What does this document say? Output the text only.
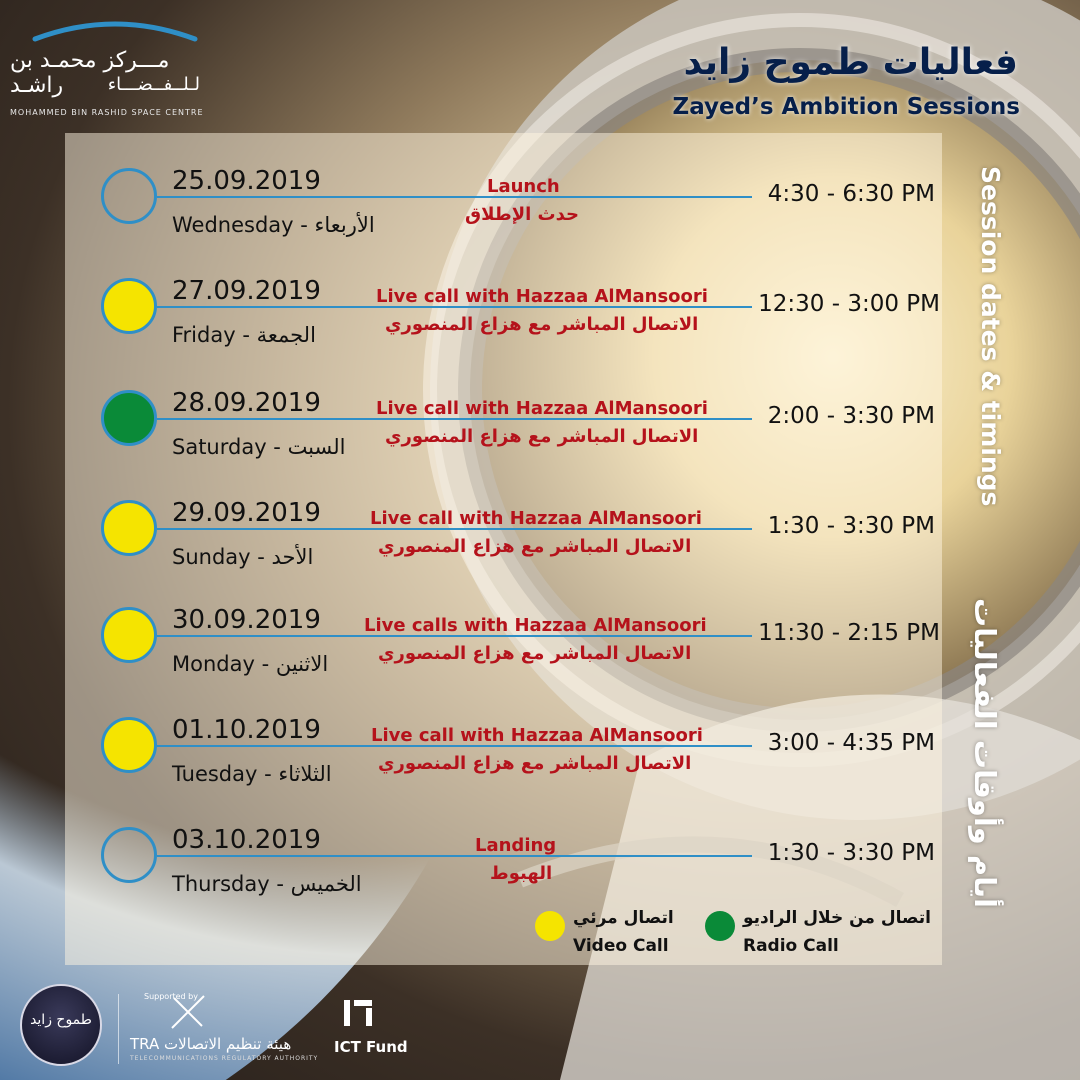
مـــركز محمـد بن راشـد	لـلــفــضـــاء
MOHAMMED BIN RASHID SPACE CENTRE
فعاليات طموح زايد
Zayed’s Ambition Sessions
Session dates & timings
أيام وأوقات الفعاليات
25.09.2019
Wednesday - الأربعاء
Launch
حدث الإطلاق
4:30 - 6:30 PM
27.09.2019
Friday - الجمعة
Live call with Hazzaa AlMansoori
الاتصال المباشر مع هزاع المنصوري
12:30 - 3:00 PM
28.09.2019
Saturday - السبت
Live call with Hazzaa AlMansoori
الاتصال المباشر مع هزاع المنصوري
2:00 - 3:30 PM
29.09.2019
Sunday - الأحد
Live call with Hazzaa AlMansoori
الاتصال المباشر مع هزاع المنصوري
1:30 - 3:30 PM
30.09.2019
Monday - الاثنين
Live calls with Hazzaa AlMansoori
الاتصال المباشر مع هزاع المنصوري
11:30 - 2:15 PM
01.10.2019
Tuesday - الثلاثاء
Live call with Hazzaa AlMansoori
الاتصال المباشر مع هزاع المنصوري
3:00 - 4:35 PM
03.10.2019
Thursday - الخميس
Landing
الهبوط
1:30 - 3:30 PM
اتصال مرئي
Video Call
اتصال من خلال الراديو
Radio Call
طموح زايد
Supported by
TRA هيئة تنظيم الاتصالات
TELECOMMUNICATIONS REGULATORY AUTHORITY
ICT Fund
